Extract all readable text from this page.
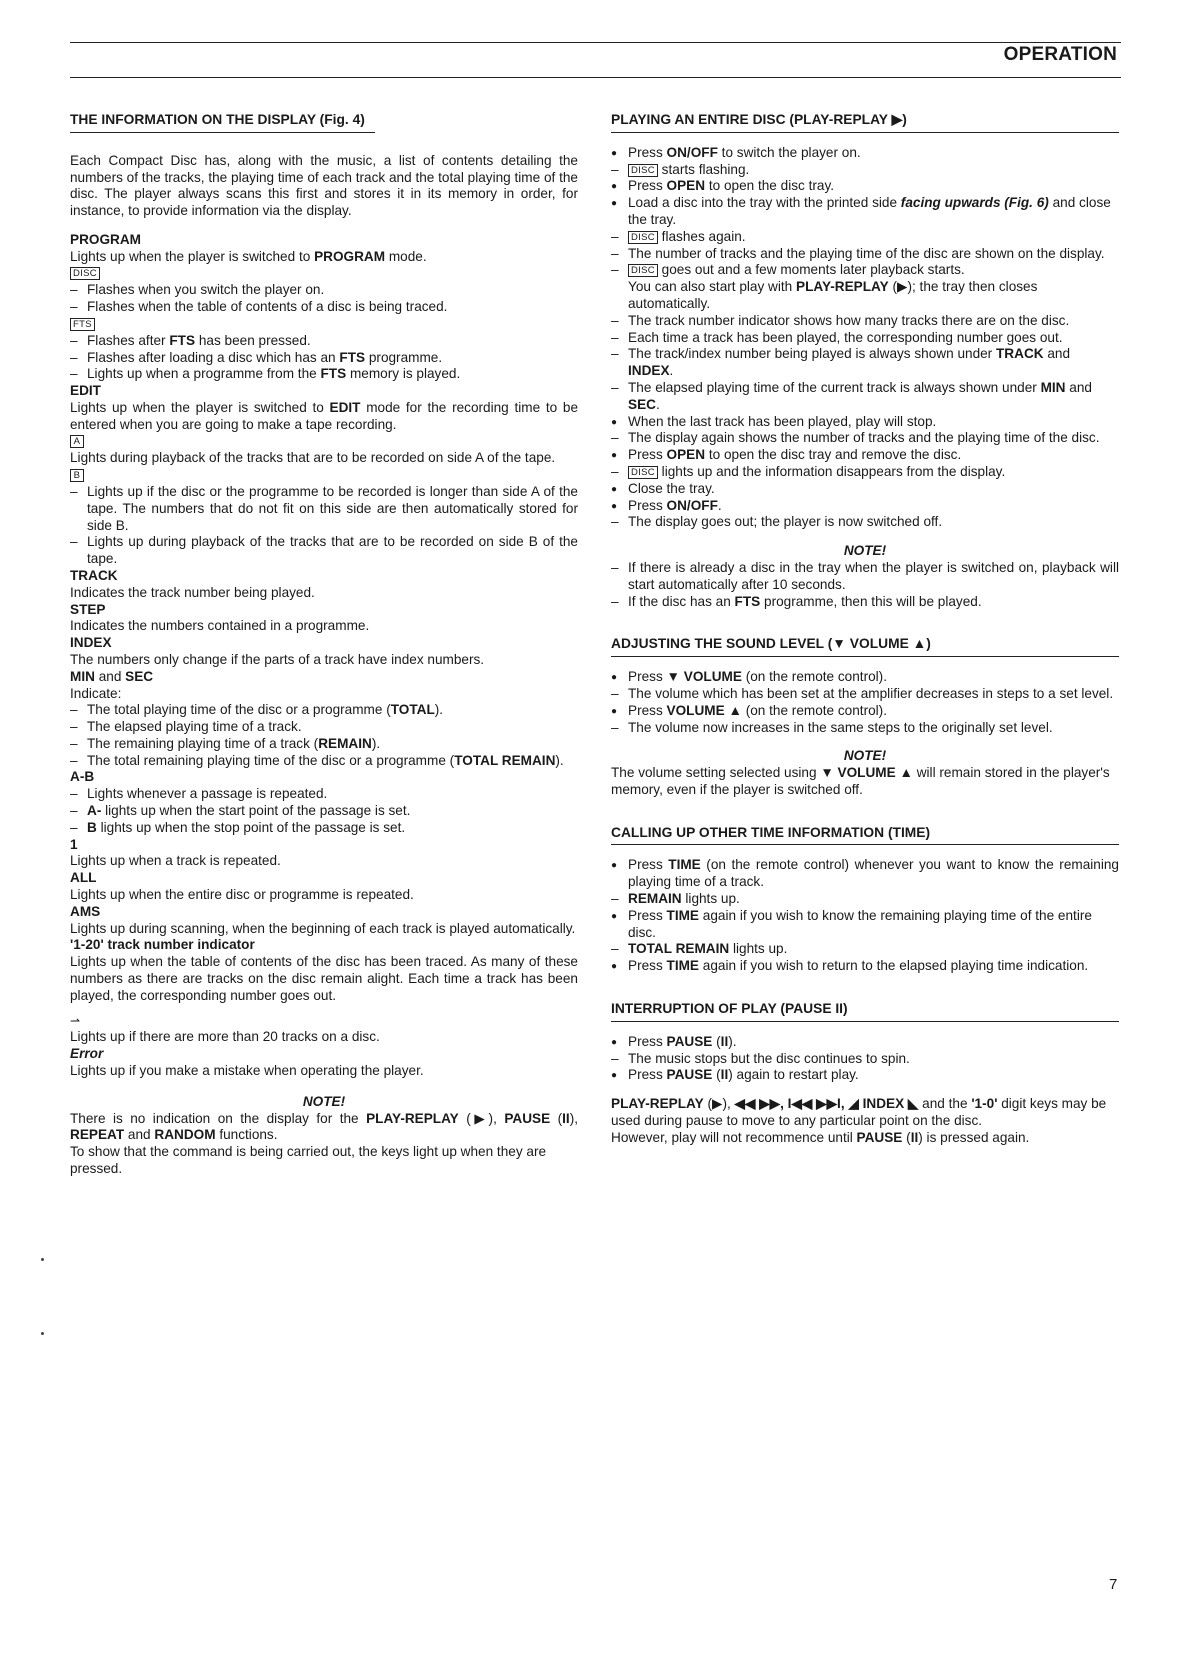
OPERATION
THE INFORMATION ON THE DISPLAY (Fig. 4)

Each Compact Disc has, along with the music, a list of contents detailing the numbers of the tracks, the playing time of each track and the total playing time of the disc. The player always scans this first and stores it in its memory in order, for instance, to provide information via the display.

PROGRAM

Lights up when the player is switched to PROGRAM mode.

DISC

–
Flashes when you switch the player on.

–
Flashes when the table of contents of a disc is being traced.

FTS

–
Flashes after FTS has been pressed.

–
Flashes after loading a disc which has an FTS programme.

–
Lights up when a programme from the FTS memory is played.

EDIT

Lights up when the player is switched to EDIT mode for the recording time to be entered when you are going to make a tape recording.

A

Lights during playback of the tracks that are to be recorded on side A of the tape.

B

–
Lights up if the disc or the programme to be recorded is longer than side A of the tape. The numbers that do not fit on this side are then automatically stored for side B.

–
Lights up during playback of the tracks that are to be recorded on side B of the tape.

TRACK

Indicates the track number being played.

STEP

Indicates the numbers contained in a programme.

INDEX

The numbers only change if the parts of a track have index numbers.

MIN and SEC

Indicate:

–
The total playing time of the disc or a programme (TOTAL).

–
The elapsed playing time of a track.

–
The remaining playing time of a track (REMAIN).

–
The total remaining playing time of the disc or a programme (TOTAL REMAIN).

A-B

–
Lights whenever a passage is repeated.

–
A- lights up when the start point of the passage is set.

–
B lights up when the stop point of the passage is set.

1

Lights up when a track is repeated.

ALL

Lights up when the entire disc or programme is repeated.

AMS

Lights up during scanning, when the beginning of each track is played automatically.

'1-20' track number indicator

Lights up when the table of contents of the disc has been traced. As many of these numbers as there are tracks on the disc remain alight. Each time a track has been played, the corresponding number goes out.

⇀

Lights up if there are more than 20 tracks on a disc.

Error

Lights up if you make a mistake when operating the player.

NOTE!

There is no indication on the display for the PLAY-REPLAY (▶), PAUSE (II), REPEAT and RANDOM functions.

To show that the command is being carried out, the keys light up when they are pressed.

PLAYING AN ENTIRE DISC (PLAY-REPLAY ▶)

●
Press ON/OFF to switch the player on.

–
DISC starts flashing.

●
Press OPEN to open the disc tray.

●
Load a disc into the tray with the printed side facing upwards (Fig. 6) and close the tray.

–
DISC flashes again.

–
The number of tracks and the playing time of the disc are shown on the display.

–
DISC goes out and a few moments later playback starts.
You can also start play with PLAY-REPLAY (▶); the tray then closes automatically.

–
The track number indicator shows how many tracks there are on the disc.

–
Each time a track has been played, the corresponding number goes out.

–
The track/index number being played is always shown under TRACK and INDEX.

–
The elapsed playing time of the current track is always shown under MIN and SEC.

●
When the last track has been played, play will stop.

–
The display again shows the number of tracks and the playing time of the disc.

●
Press OPEN to open the disc tray and remove the disc.

–
DISC lights up and the information disappears from the display.

●
Close the tray.

●
Press ON/OFF.

–
The display goes out; the player is now switched off.

NOTE!

–
If there is already a disc in the tray when the player is switched on, playback will start automatically after 10 seconds.

–
If the disc has an FTS programme, then this will be played.

ADJUSTING THE SOUND LEVEL (▼ VOLUME ▲)

●
Press ▼ VOLUME (on the remote control).

–
The volume which has been set at the amplifier decreases in steps to a set level.

●
Press VOLUME ▲ (on the remote control).

–
The volume now increases in the same steps to the originally set level.

NOTE!

The volume setting selected using ▼ VOLUME ▲ will remain stored in the player's memory, even if the player is switched off.

CALLING UP OTHER TIME INFORMATION (TIME)

●
Press TIME (on the remote control) whenever you want to know the remaining playing time of a track.

–
REMAIN lights up.

●
Press TIME again if you wish to know the remaining playing time of the entire disc.

–
TOTAL REMAIN lights up.

●
Press TIME again if you wish to return to the elapsed playing time indication.

INTERRUPTION OF PLAY (PAUSE II)

●
Press PAUSE (II).

–
The music stops but the disc continues to spin.

●
Press PAUSE (II) again to restart play.

PLAY-REPLAY (▶), ◀◀ ▶▶, I◀◀ ▶▶I, ◢ INDEX ◣ and the '1-0' digit keys may be used during pause to move to any particular point on the disc.

However, play will not recommence until PAUSE (II) is pressed again.

7
